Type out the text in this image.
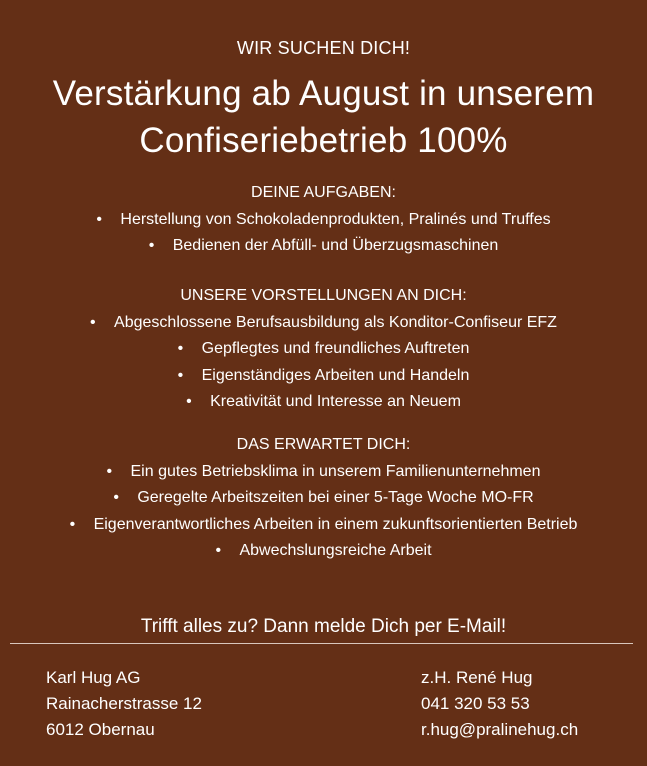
WIR SUCHEN DICH!
Verstärkung ab August in unserem
Confiseriebetrieb 100%
DEINE AUFGABEN:
• Herstellung von Schokoladenprodukten, Pralinés und Truffes
• Bedienen der Abfüll- und Überzugsmaschinen
UNSERE VORSTELLUNGEN AN DICH:
• Abgeschlossene Berufsausbildung als Konditor-Confiseur EFZ
• Gepflegtes und freundliches Auftreten
• Eigenständiges Arbeiten und Handeln
• Kreativität und Interesse an Neuem
DAS ERWARTET DICH:
• Ein gutes Betriebsklima in unserem Familienunternehmen
• Geregelte Arbeitszeiten bei einer 5-Tage Woche MO-FR
• Eigenverantwortliches Arbeiten in einem zukunftsorientierten Betrieb
• Abwechslungsreiche Arbeit
Trifft alles zu? Dann melde Dich per E-Mail!
Karl Hug AG
Rainacherstrasse 12
6012 Obernau
z.H. René Hug
041 320 53 53
r.hug@pralinehug.ch
